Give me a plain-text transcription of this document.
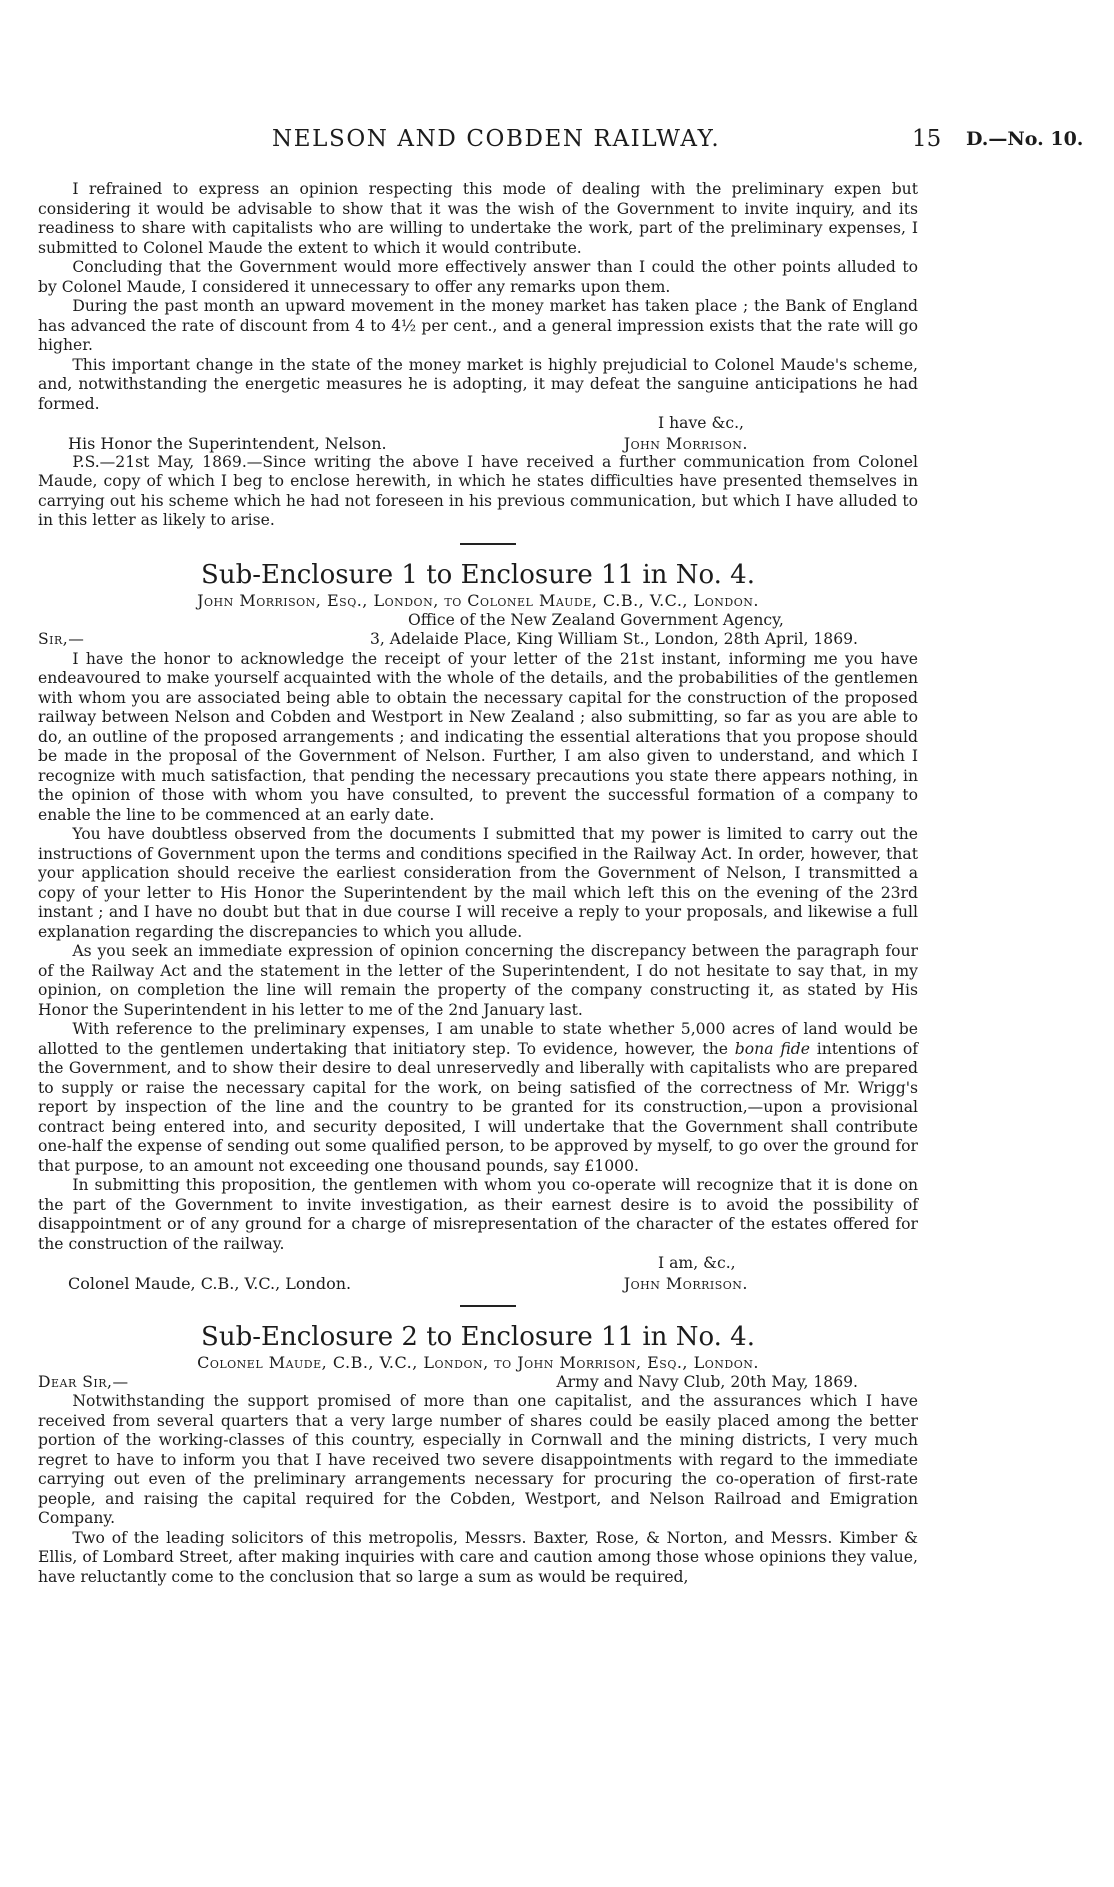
NELSON AND COBDEN RAILWAY.	15 D.—No. 10.

I refrained to express an opinion respecting this mode of dealing with the preliminary expen but considering it would be advisable to show that it was the wish of the Government to invite inquiry, and its readiness to share with capitalists who are willing to undertake the work, part of the preliminary expenses, I submitted to Colonel Maude the extent to which it would contribute.

Concluding that the Government would more effectively answer than I could the other points alluded to by Colonel Maude, I considered it unnecessary to offer any remarks upon them.

During the past month an upward movement in the money market has taken place ; the Bank of England has advanced the rate of discount from 4 to 4½ per cent., and a general impression exists that the rate will go higher.

This important change in the state of the money market is highly prejudicial to Colonel Maude's scheme, and, notwithstanding the energetic measures he is adopting, it may defeat the sanguine anticipations he had formed.

I have &c.,
His Honor the Superintendent, Nelson.	John Morrison.

P.S.—21st May, 1869.—Since writing the above I have received a further communication from Colonel Maude, copy of which I beg to enclose herewith, in which he states difficulties have presented themselves in carrying out his scheme which he had not foreseen in his previous communication, but which I have alluded to in this letter as likely to arise.

Sub-Enclosure 1 to Enclosure 11 in No. 4.
John Morrison, Esq., London, to Colonel Maude, C.B., V.C., London.
Office of the New Zealand Government Agency,
Sir,—	3, Adelaide Place, King William St., London, 28th April, 1869.

I have the honor to acknowledge the receipt of your letter of the 21st instant, informing me you have endeavoured to make yourself acquainted with the whole of the details, and the probabilities of the gentlemen with whom you are associated being able to obtain the necessary capital for the construction of the proposed railway between Nelson and Cobden and Westport in New Zealand ; also submitting, so far as you are able to do, an outline of the proposed arrangements ; and indicating the essential alterations that you propose should be made in the proposal of the Government of Nelson. Further, I am also given to understand, and which I recognize with much satisfaction, that pending the necessary precautions you state there appears nothing, in the opinion of those with whom you have consulted, to prevent the successful formation of a company to enable the line to be commenced at an early date.

You have doubtless observed from the documents I submitted that my power is limited to carry out the instructions of Government upon the terms and conditions specified in the Railway Act. In order, however, that your application should receive the earliest consideration from the Government of Nelson, I transmitted a copy of your letter to His Honor the Superintendent by the mail which left this on the evening of the 23rd instant ; and I have no doubt but that in due course I will receive a reply to your proposals, and likewise a full explanation regarding the discrepancies to which you allude.

As you seek an immediate expression of opinion concerning the discrepancy between the paragraph four of the Railway Act and the statement in the letter of the Superintendent, I do not hesitate to say that, in my opinion, on completion the line will remain the property of the company constructing it, as stated by His Honor the Superintendent in his letter to me of the 2nd January last.

With reference to the preliminary expenses, I am unable to state whether 5,000 acres of land would be allotted to the gentlemen undertaking that initiatory step. To evidence, however, the bona fide intentions of the Government, and to show their desire to deal unreservedly and liberally with capitalists who are prepared to supply or raise the necessary capital for the work, on being satisfied of the correctness of Mr. Wrigg's report by inspection of the line and the country to be granted for its construction,—upon a provisional contract being entered into, and security deposited, I will undertake that the Government shall contribute one-half the expense of sending out some qualified person, to be approved by myself, to go over the ground for that purpose, to an amount not exceeding one thousand pounds, say £1000.

In submitting this proposition, the gentlemen with whom you co-operate will recognize that it is done on the part of the Government to invite investigation, as their earnest desire is to avoid the possibility of disappointment or of any ground for a charge of misrepresentation of the character of the estates offered for the construction of the railway.

I am, &c.,
Colonel Maude, C.B., V.C., London.	John Morrison.
Sub-Enclosure 2 to Enclosure 11 in No. 4.
Colonel Maude, C.B., V.C., London, to John Morrison, Esq., London.
Dear Sir,—	Army and Navy Club, 20th May, 1869.

Notwithstanding the support promised of more than one capitalist, and the assurances which I have received from several quarters that a very large number of shares could be easily placed among the better portion of the working-classes of this country, especially in Cornwall and the mining districts, I very much regret to have to inform you that I have received two severe disappointments with regard to the immediate carrying out even of the preliminary arrangements necessary for procuring the co-operation of first-rate people, and raising the capital required for the Cobden, Westport, and Nelson Railroad and Emigration Company.

Two of the leading solicitors of this metropolis, Messrs. Baxter, Rose, & Norton, and Messrs. Kimber & Ellis, of Lombard Street, after making inquiries with care and caution among those whose opinions they value, have reluctantly come to the conclusion that so large a sum as would be required,
